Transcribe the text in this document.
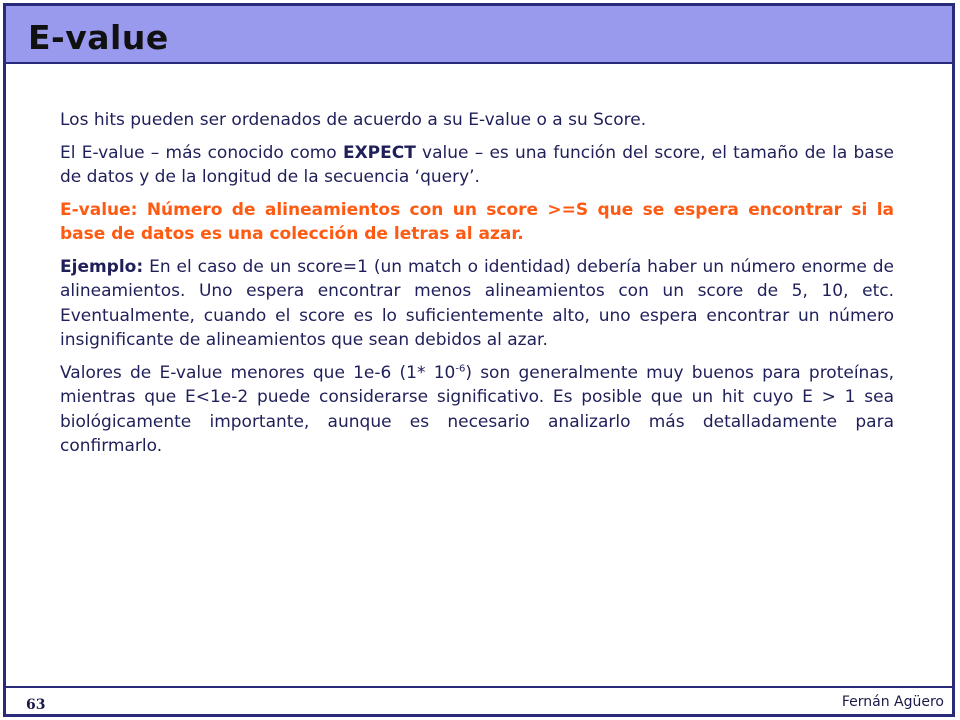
E-value

Los hits pueden ser ordenados de acuerdo a su E-value o a su Score.

El E-value – más conocido como EXPECT value – es una función del score, el tamaño de la base de datos y de la longitud de la secuencia ‘query’.

E-value: Número de alineamientos con un score >=S que se espera encontrar si la base de datos es una colección de letras al azar.

Ejemplo: En el caso de un score=1 (un match o identidad) debería haber un número enorme de alineamientos. Uno espera encontrar menos alineamientos con un score de 5, 10, etc. Eventualmente, cuando el score es lo suficientemente alto, uno espera encontrar un número insignificante de alineamientos que sean debidos al azar.

Valores de E-value menores que 1e-6 (1* $10^{-6}$) son generalmente muy buenos para proteínas, mientras que E<1e-2 puede considerarse significativo. Es posible que un hit cuyo E > 1 sea biológicamente importante, aunque es necesario analizarlo más detalladamente para confirmarlo.

63	Fernán Agüero
